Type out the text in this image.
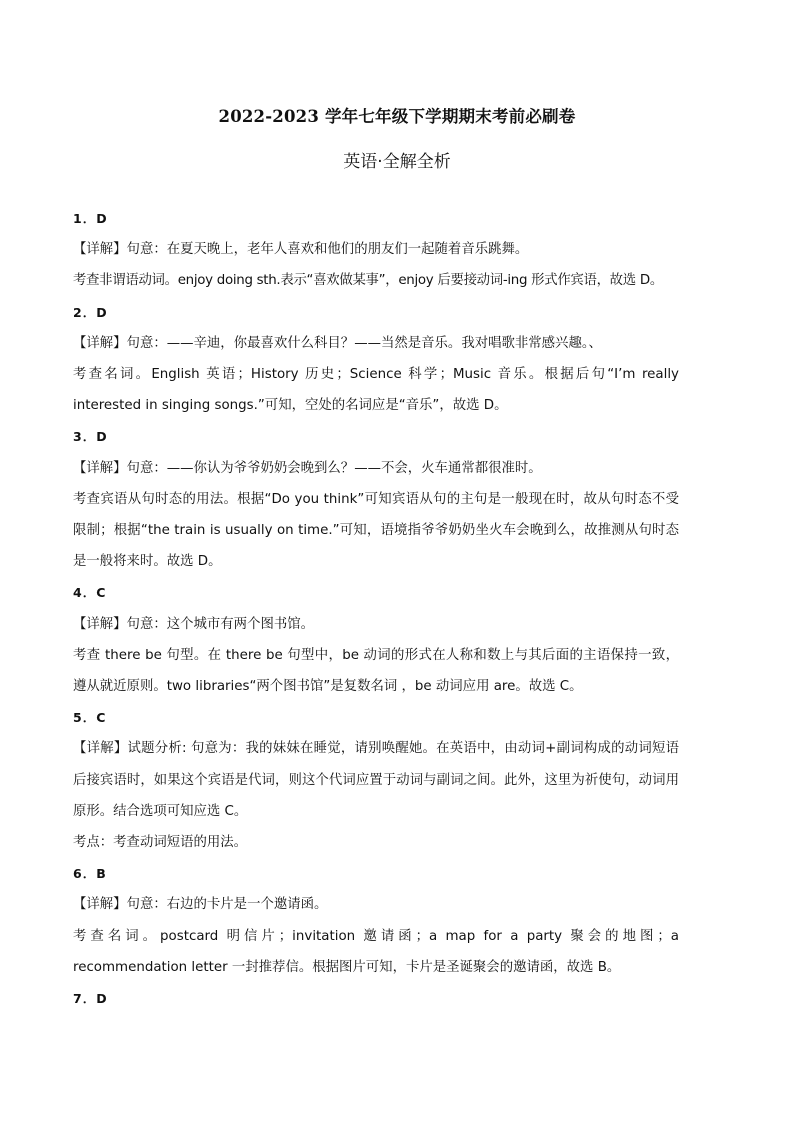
2022-2023 学年七年级下学期期末考前必刷卷
英语·全解全析
1．D
【详解】句意：在夏天晚上，老年人喜欢和他们的朋友们一起随着音乐跳舞。
考查非谓语动词。enjoy doing sth.表示“喜欢做某事”，enjoy 后要接动词-ing 形式作宾语，故选 D。
2．D
【详解】句意：——辛迪，你最喜欢什么科目？——当然是音乐。我对唱歌非常感兴趣。、
考查名词。English 英语；History 历史；Science 科学；Music 音乐。根据后句“I’m really interested in singing songs.”可知，空处的名词应是“音乐”，故选 D。
3．D
【详解】句意：——你认为爷爷奶奶会晚到么？——不会，火车通常都很准时。
考查宾语从句时态的用法。根据“Do you think”可知宾语从句的主句是一般现在时，故从句时态不受限制；根据“the train is usually on time.”可知，语境指爷爷奶奶坐火车会晚到么，故推测从句时态是一般将来时。故选 D。
4．C
【详解】句意：这个城市有两个图书馆。
考查 there be 句型。在 there be 句型中，be 动词的形式在人称和数上与其后面的主语保持一致，遵从就近原则。two libraries“两个图书馆”是复数名词 ，be 动词应用 are。故选 C。
5．C
【详解】试题分析: 句意为：我的妹妹在睡觉，请别唤醒她。在英语中，由动词+副词构成的动词短语后接宾语时，如果这个宾语是代词，则这个代词应置于动词与副词之间。此外，这里为祈使句，动词用原形。结合选项可知应选 C。
考点：考查动词短语的用法。
6．B
【详解】句意：右边的卡片是一个邀请函。
考查名词。postcard 明信片；invitation 邀请函；a map for a party 聚会的地图；a recommendation letter 一封推荐信。根据图片可知，卡片是圣诞聚会的邀请函，故选 B。
7．D
